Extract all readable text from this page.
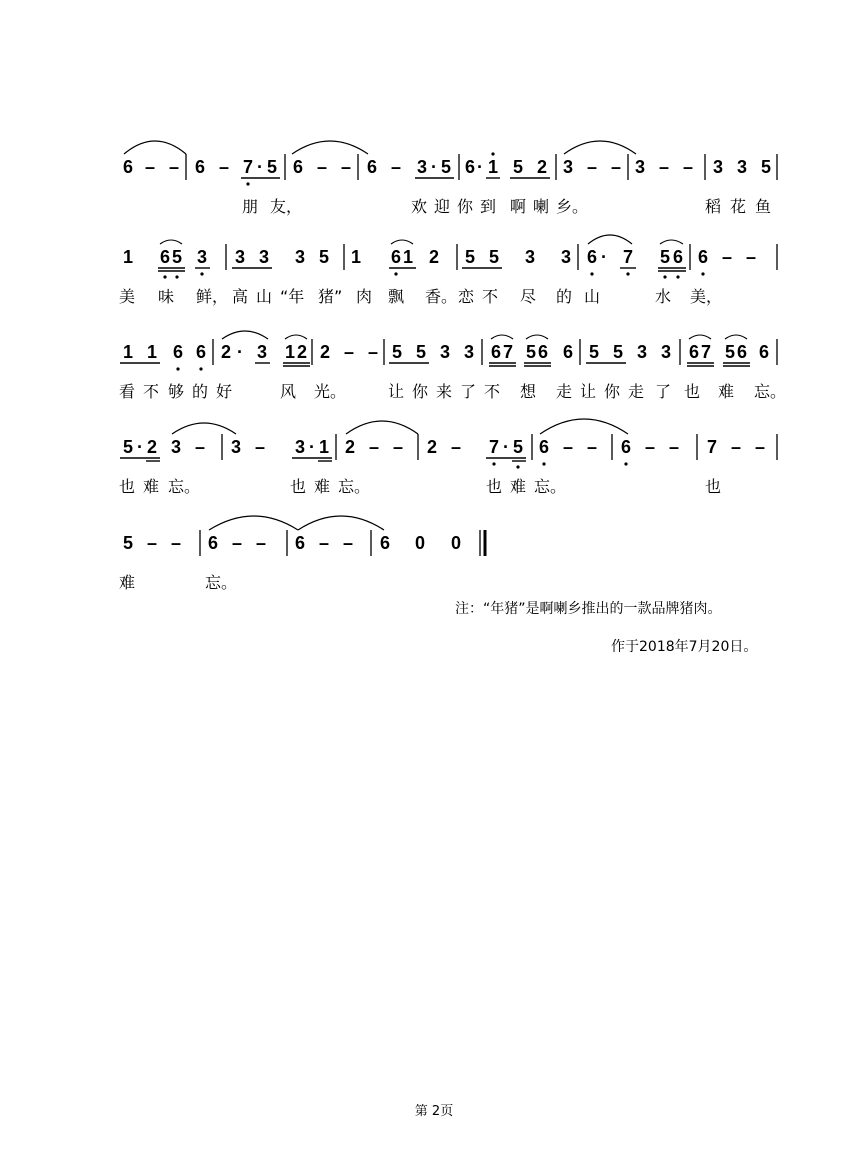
6 – – 6 – 7 · 5 6 – – 6 – 3 · 5 6 · 1 5 2 3 – – 3 – – 3 3 5
朋 友，	欢 迎 你 到 啊 喇 乡。	稻 花 鱼
1 6 5 3 3 3 3 5 1 6 1 2 5 5 3 3 6 · 7 5 6 6 – –
美 味 鲜， 高 山 “年 猪” 肉 飘 香。 恋 不 尽 的 山	水 美，
1 1 6 6 2 · 3 1 2 2 – – 5 5 3 3 6 7 5 6 6 5 5 3 3 6 7 5 6 6
看 不 够 的 好	风 光。	让 你 来 了 不 想 走 让 你 走 了 也 难 忘。
5 · 2 3 – 3 – 3 · 1 2 – – 2 – 7 · 5 6 – – 6 – – 7 – –
也 难 忘。	也 难 忘。	也 难 忘。	也
5 – – 6 – – 6 – – 6 0 0
难	忘。
注：“年猪”是啊喇乡推出的一款品牌猪肉。
作于2018年7月20日。
第 2页
